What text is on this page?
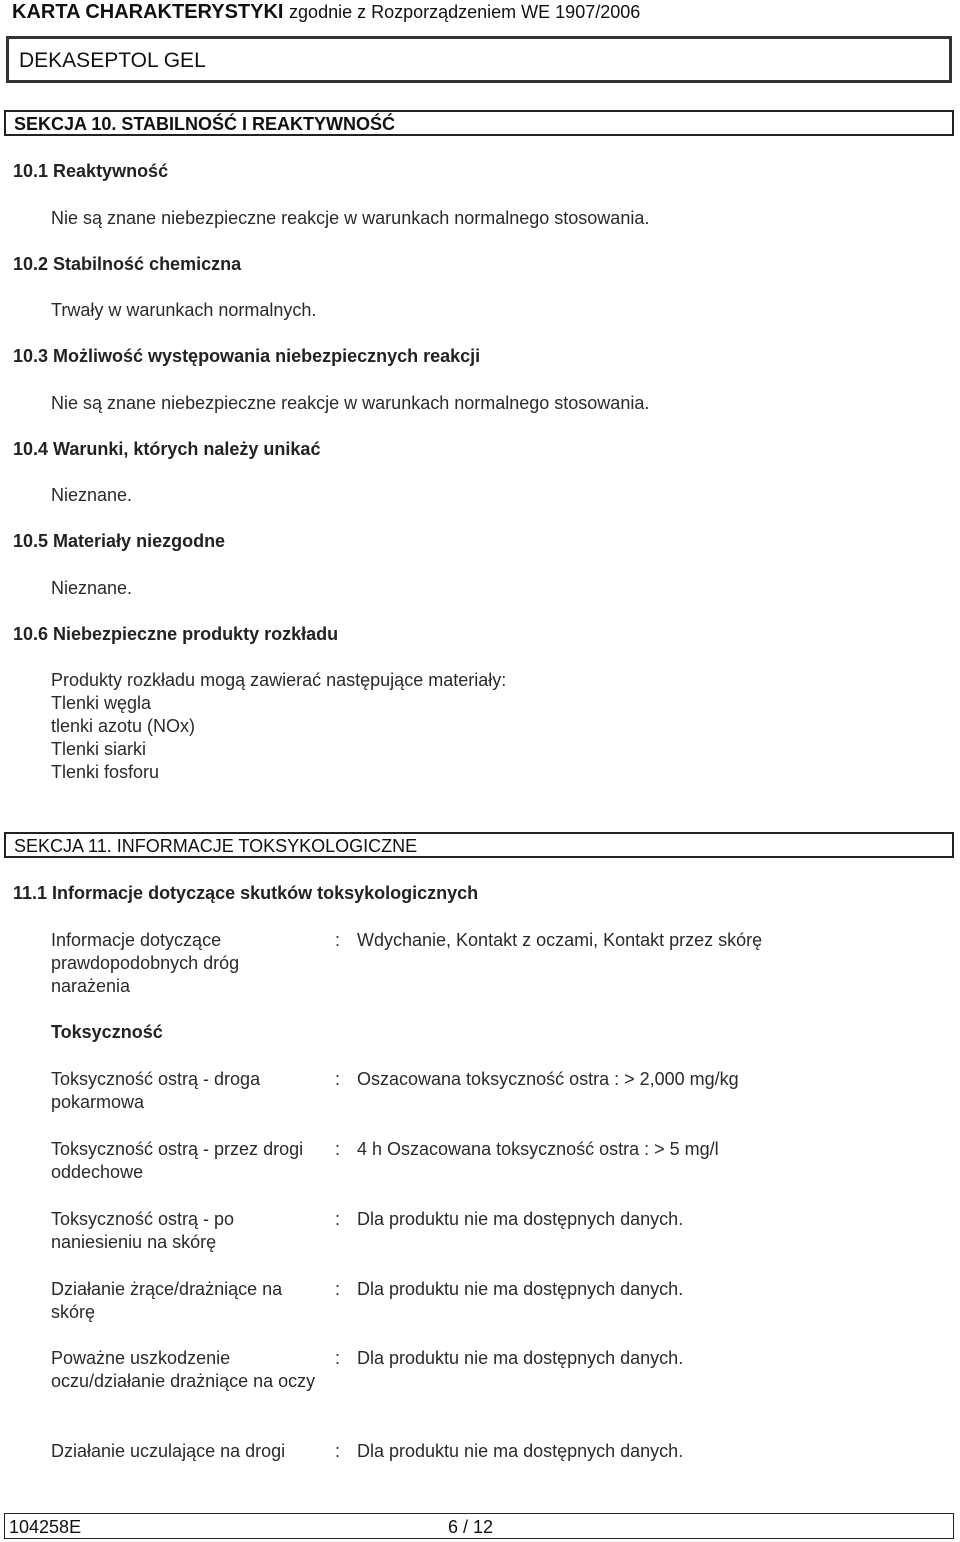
KARTA CHARAKTERYSTYKI zgodnie z Rozporządzeniem WE 1907/2006
DEKASEPTOL GEL
SEKCJA 10. STABILNOŚĆ I REAKTYWNOŚĆ
10.1 Reaktywność
Nie są znane niebezpieczne reakcje w warunkach normalnego stosowania.
10.2 Stabilność chemiczna
Trwały w warunkach normalnych.
10.3 Możliwość występowania niebezpiecznych reakcji
Nie są znane niebezpieczne reakcje w warunkach normalnego stosowania.
10.4 Warunki, których należy unikać
Nieznane.
10.5 Materiały niezgodne
Nieznane.
10.6 Niebezpieczne produkty rozkładu
Produkty rozkładu mogą zawierać następujące materiały:
Tlenki węgla
tlenki azotu (NOx)
Tlenki siarki
Tlenki fosforu
SEKCJA 11. INFORMACJE TOKSYKOLOGICZNE
11.1 Informacje dotyczące skutków toksykologicznych
Informacje dotyczące prawdopodobnych dróg narażenia
: Wdychanie, Kontakt z oczami, Kontakt przez skórę
Toksyczność
Toksyczność ostrą - droga pokarmowa
: Oszacowana toksyczność ostra : > 2,000 mg/kg
Toksyczność ostrą - przez drogi oddechowe
: 4 h Oszacowana toksyczność ostra : > 5 mg/l
Toksyczność ostrą - po naniesieniu na skórę
: Dla produktu nie ma dostępnych danych.
Działanie żrące/drażniące na skórę
: Dla produktu nie ma dostępnych danych.
Poważne uszkodzenie oczu/działanie drażniące na oczy
: Dla produktu nie ma dostępnych danych.
Działanie uczulające na drogi	: Dla produktu nie ma dostępnych danych.
104258E	6 / 12
